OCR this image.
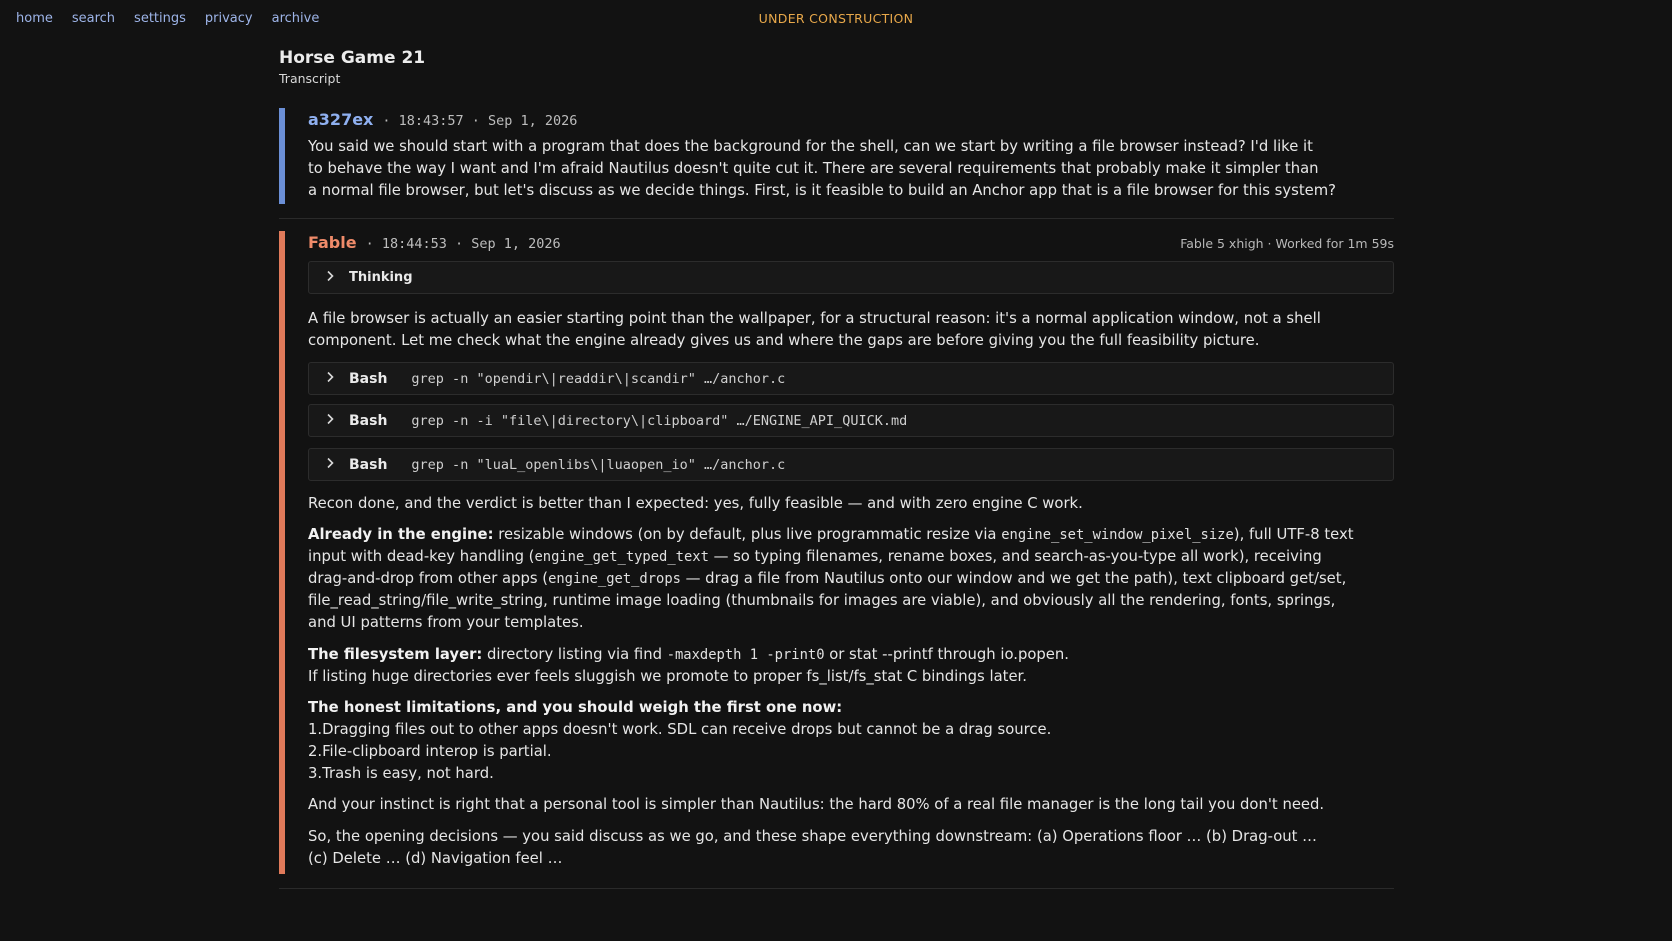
home search settings privacy archive	UNDER CONSTRUCTION
Horse Game 21

Transcript

a327ex · 18:43:57 · Sep 1, 2026

You said we should start with a program that does the background for the shell, can we start by writing a file browser instead? I'd like it
to behave the way I want and I'm afraid Nautilus doesn't quite cut it. There are several requirements that probably make it simpler than
a normal file browser, but let's discuss as we decide things. First, is it feasible to build an Anchor app that is a file browser for this system?

Fable · 18:44:53 · Sep 1, 2026	Fable 5 xhigh · Worked for 1m 59s
Thinking

A file browser is actually an easier starting point than the wallpaper, for a structural reason: it's a normal application window, not a shell
component. Let me check what the engine already gives us and where the gaps are before giving you the full feasibility picture.

Bash grep -n "opendir\|readdir\|scandir" …/anchor.c
Bash grep -n -i "file\|directory\|clipboard" …/ENGINE_API_QUICK.md
Bash grep -n "luaL_openlibs\|luaopen_io" …/anchor.c

Recon done, and the verdict is better than I expected: yes, fully feasible — and with zero engine C work.

Already in the engine: resizable windows (on by default, plus live programmatic resize via engine_set_window_pixel_size), full UTF-8 text
input with dead-key handling (engine_get_typed_text — so typing filenames, rename boxes, and search-as-you-type all work), receiving
drag-and-drop from other apps (engine_get_drops — drag a file from Nautilus onto our window and we get the path), text clipboard get/set,
file_read_string/file_write_string, runtime image loading (thumbnails for images are viable), and obviously all the rendering, fonts, springs,
and UI patterns from your templates.

The filesystem layer: directory listing via find -maxdepth 1 -print0 or stat --printf through io.popen.
If listing huge directories ever feels sluggish we promote to proper fs_list/fs_stat C bindings later.

The honest limitations, and you should weigh the first one now:
1.Dragging files out to other apps doesn't work. SDL can receive drops but cannot be a drag source.
2.File-clipboard interop is partial.
3.Trash is easy, not hard.

And your instinct is right that a personal tool is simpler than Nautilus: the hard 80% of a real file manager is the long tail you don't need.

So, the opening decisions — you said discuss as we go, and these shape everything downstream: (a) Operations floor … (b) Drag-out …
(c) Delete … (d) Navigation feel …
